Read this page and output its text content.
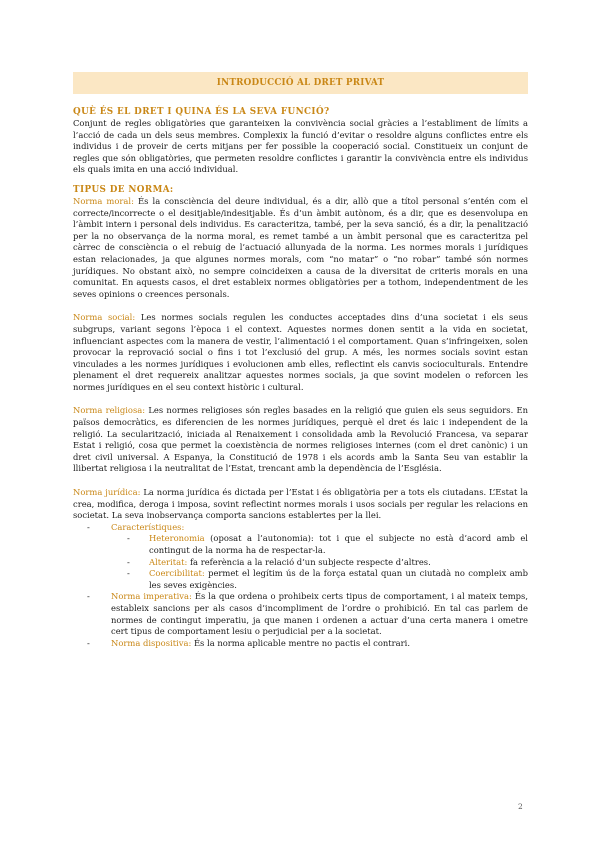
INTRODUCCIÓ AL DRET PRIVAT
QUÈ ÉS EL DRET I QUINA ÉS LA SEVA FUNCIÓ?

Conjunt de regles obligatòries que garanteixen la convivència social gràcies a l’establiment de límits a l’acció de cada un dels seus membres. Complexix la funció d’evitar o resoldre alguns conflictes entre els individus i de proveir de certs mitjans per fer possible la cooperació social. Constitueix un conjunt de regles que són obligatòries, que permeten resoldre conflictes i garantir la convivència entre els individus els quals imita en una acció individual.

TIPUS DE NORMA:

Norma moral: És la consciència del deure individual, és a dir, allò que a títol personal s’entén com el correcte/incorrecte o el desitjable/indesitjable. És d’un àmbit autònom, és a dir, que es desenvolupa en l’àmbit intern i personal dels individus. Es caracteritza, també, per la seva sanció, és a dir, la penalització per la no observança de la norma moral, es remet també a un àmbit personal que es caracteritza pel càrrec de consciència o el rebuig de l’actuació allunyada de la norma. Les normes morals i jurídiques estan relacionades, ja que algunes normes morals, com “no matar” o “no robar” també són normes jurídiques. No obstant això, no sempre coincideixen a causa de la diversitat de criteris morals en una comunitat. En aquests casos, el dret estableix normes obligatòries per a tothom, independentment de les seves opinions o creences personals.

Norma social: Les normes socials regulen les conductes acceptades dins d’una societat i els seus subgrups, variant segons l’època i el context. Aquestes normes donen sentit a la vida en societat, influenciant aspectes com la manera de vestir, l’alimentació i el comportament. Quan s’infringeixen, solen provocar la reprovació social o fins i tot l’exclusió del grup. A més, les normes socials sovint estan vinculades a les normes jurídiques i evolucionen amb elles, reflectint els canvis socioculturals. Entendre plenament el dret requereix analitzar aquestes normes socials, ja que sovint modelen o reforcen les normes jurídiques en el seu context històric i cultural.

Norma religiosa: Les normes religioses són regles basades en la religió que guien els seus seguidors. En països democràtics, es diferencien de les normes jurídiques, perquè el dret és laic i independent de la religió. La secularització, iniciada al Renaixement i consolidada amb la Revolució Francesa, va separar Estat i religió, cosa que permet la coexistència de normes religioses internes (com el dret canònic) i un dret civil universal. A Espanya, la Constitució de 1978 i els acords amb la Santa Seu van establir la llibertat religiosa i la neutralitat de l’Estat, trencant amb la dependència de l’Església.

Norma jurídica: La norma jurídica és dictada per l’Estat i és obligatòria per a tots els ciutadans. L’Estat la crea, modifica, deroga i imposa, sovint reflectint normes morals i usos socials per regular les relacions en societat. La seva inobservança comporta sancions establertes per la llei.

-	Característiques:
- Heteronomia (oposat a l’autonomia): tot i que el subjecte no està d’acord amb el contingut de la norma ha de respectar-la.
- Alteritat: fa referència a la relació d’un subjecte respecte d’altres.
- Coercibilitat: permet el legítim ús de la força estatal quan un ciutadà no compleix amb les seves exigències.
-	Norma imperativa: És la que ordena o prohibeix certs tipus de comportament, i al mateix temps, estableix sancions per als casos d’incompliment de l’ordre o prohibició. En tal cas parlem de normes de contingut imperatiu, ja que manen i ordenen a actuar d’una certa manera i ometre cert tipus de comportament lesiu o perjudicial per a la societat.
-	Norma dispositiva: És la norma aplicable mentre no pactis el contrari.
2
